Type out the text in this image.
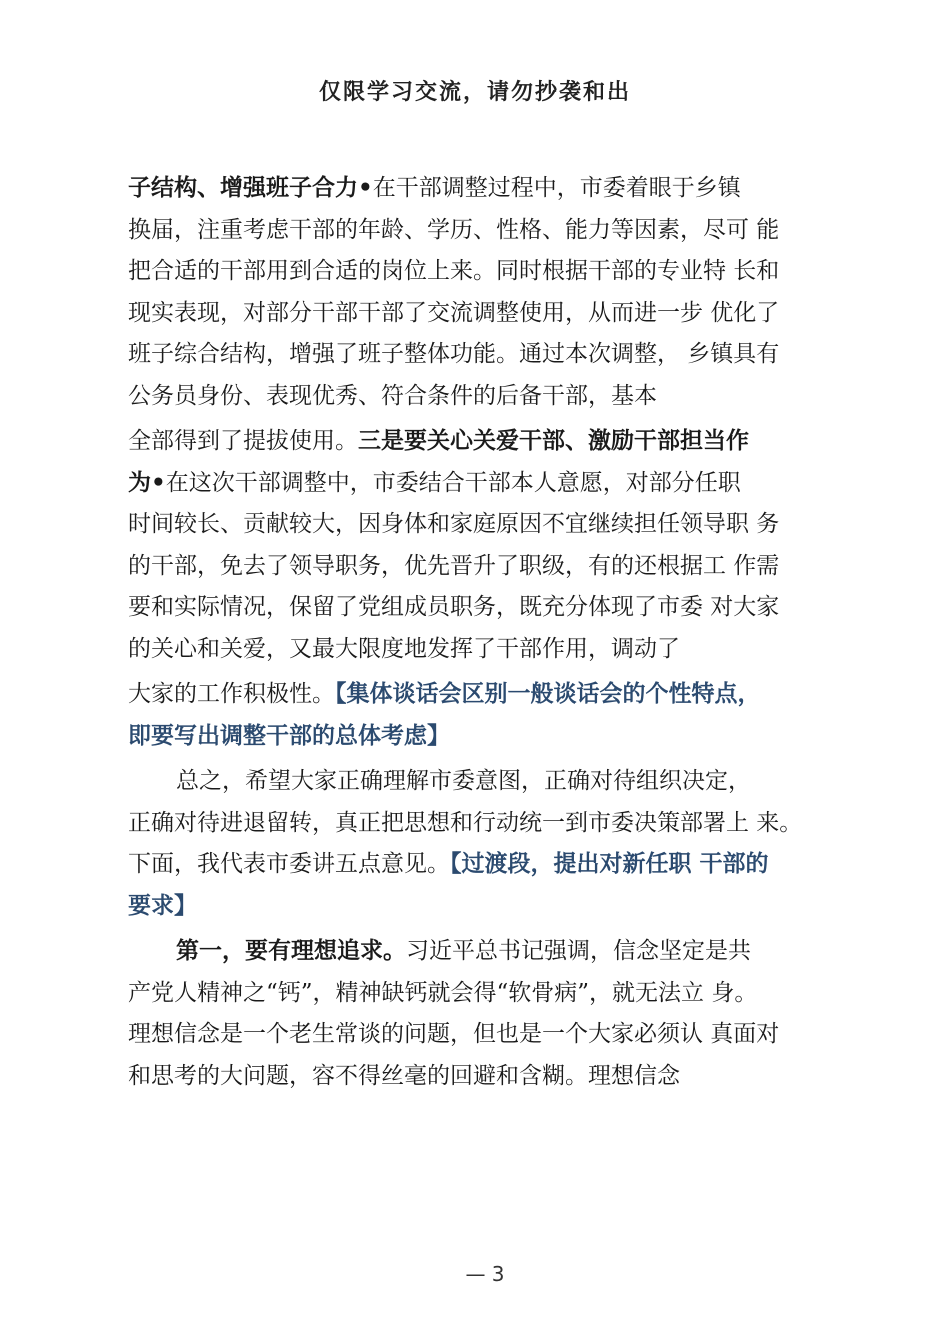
仅限学习交流，请勿抄袭和出
子结构、增强班子合力•在干部调整过程中，市委着眼于乡镇
换届，注重考虑干部的年龄、学历、性格、能力等因素，尽可 能
把合适的干部用到合适的岗位上来。同时根据干部的专业特 长和
现实表现，对部分干部干部了交流调整使用，从而进一步 优化了
班子综合结构，增强了班子整体功能。通过本次调整， 乡镇具有
公务员身份、表现优秀、符合条件的后备干部，基本
全部得到了提拔使用。三是要关心关爱干部、激励干部担当作
为•在这次干部调整中，市委结合干部本人意愿，对部分任职
时间较长、贡献较大，因身体和家庭原因不宜继续担任领导职 务
的干部，免去了领导职务，优先晋升了职级，有的还根据工 作需
要和实际情况，保留了党组成员职务，既充分体现了市委 对大家
的关心和关爱，又最大限度地发挥了干部作用，调动了
大家的工作积极性。【集体谈话会区别一般谈话会的个性特点，
即要写出调整干部的总体考虑】
总之，希望大家正确理解市委意图，正确对待组织决定，
正确对待进退留转，真正把思想和行动统一到市委决策部署上 来。
下面，我代表市委讲五点意见。【过渡段，提出对新任职 干部的
要求】
第一，要有理想追求。习近平总书记强调，信念坚定是共
产党人精神之“钙”，精神缺钙就会得“软骨病”，就无法立 身。
理想信念是一个老生常谈的问题，但也是一个大家必须认 真面对
和思考的大问题，容不得丝毫的回避和含糊。理想信念
— 3
